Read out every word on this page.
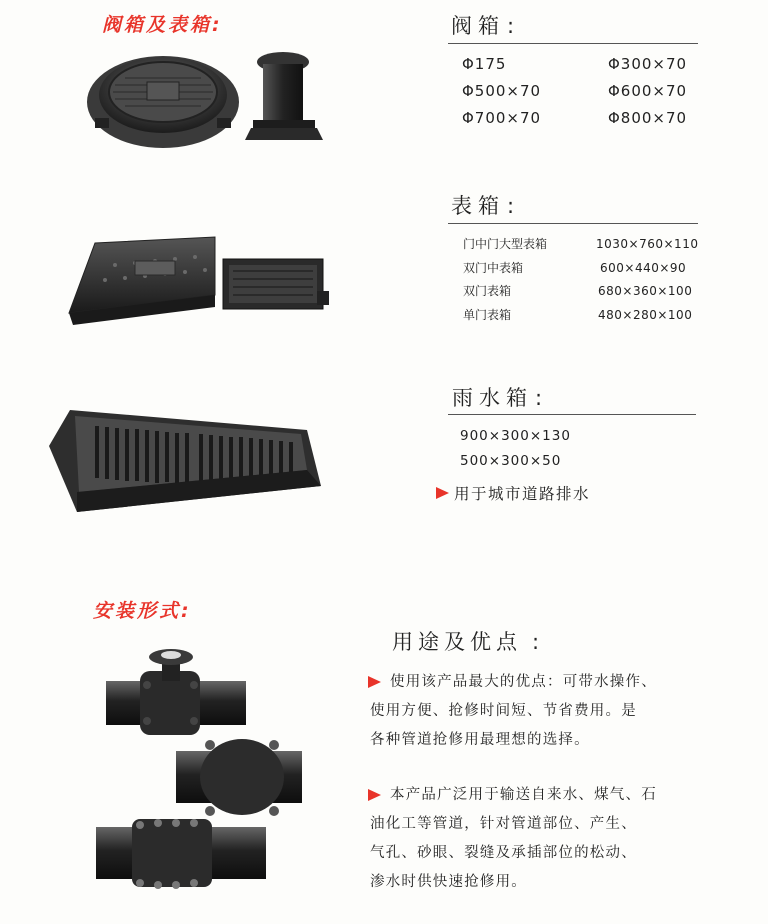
阀箱及表箱:
安装形式:
阀箱:
Φ175
Φ500×70
Φ700×70
Φ300×70
Φ600×70
Φ800×70
表箱:
门中门大型表箱
双门中表箱
双门表箱
单门表箱
1030×760×110
600×440×90
680×360×100
480×280×100
雨水箱:
900×300×130
500×300×50
用于城市道路排水
用途及优点 :
使用该产品最大的优点：可带水操作、
使用方便、抢修时间短、节省费用。是
各种管道抢修用最理想的选择。
本产品广泛用于输送自来水、煤气、石
油化工等管道，针对管道部位、产生、
气孔、砂眼、裂缝及承插部位的松动、
渗水时供快速抢修用。
